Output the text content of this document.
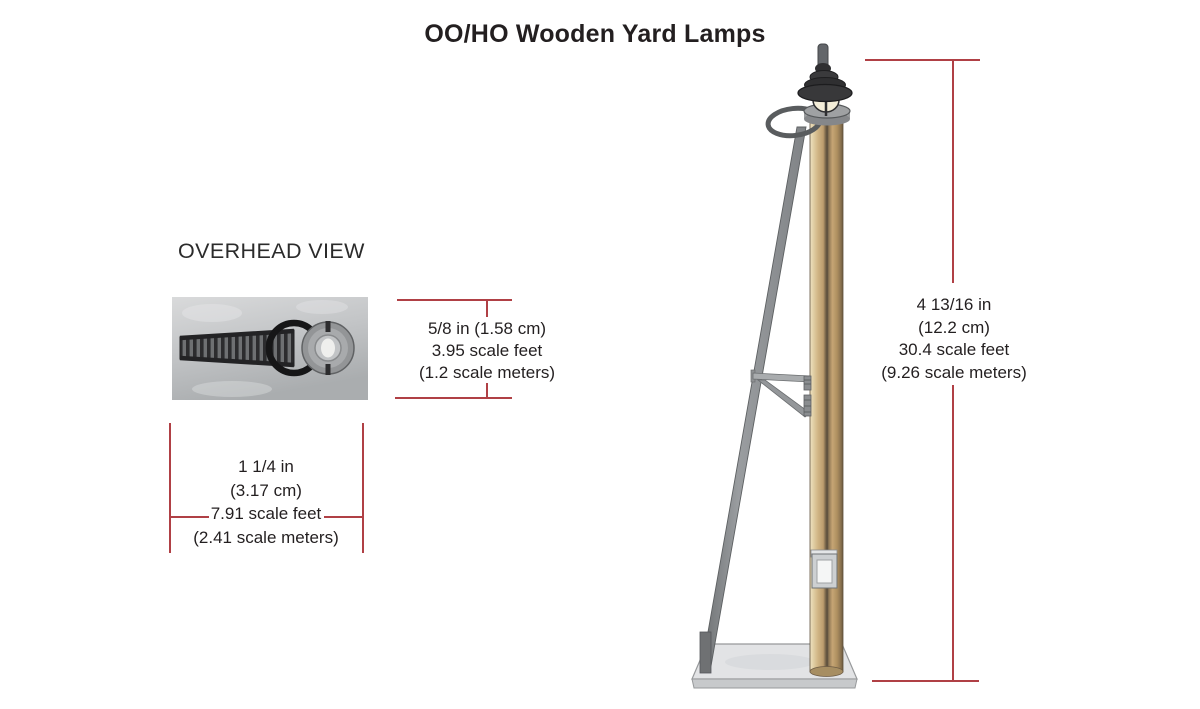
OO/HO Wooden Yard Lamps
OVERHEAD VIEW
5/8 in (1.58 cm)
3.95 scale feet
(1.2 scale meters)
1 1/4 in
(3.17 cm)
7.91 scale feet
(2.41 scale meters)
4 13/16 in
(12.2 cm)
30.4 scale feet
(9.26 scale meters)
